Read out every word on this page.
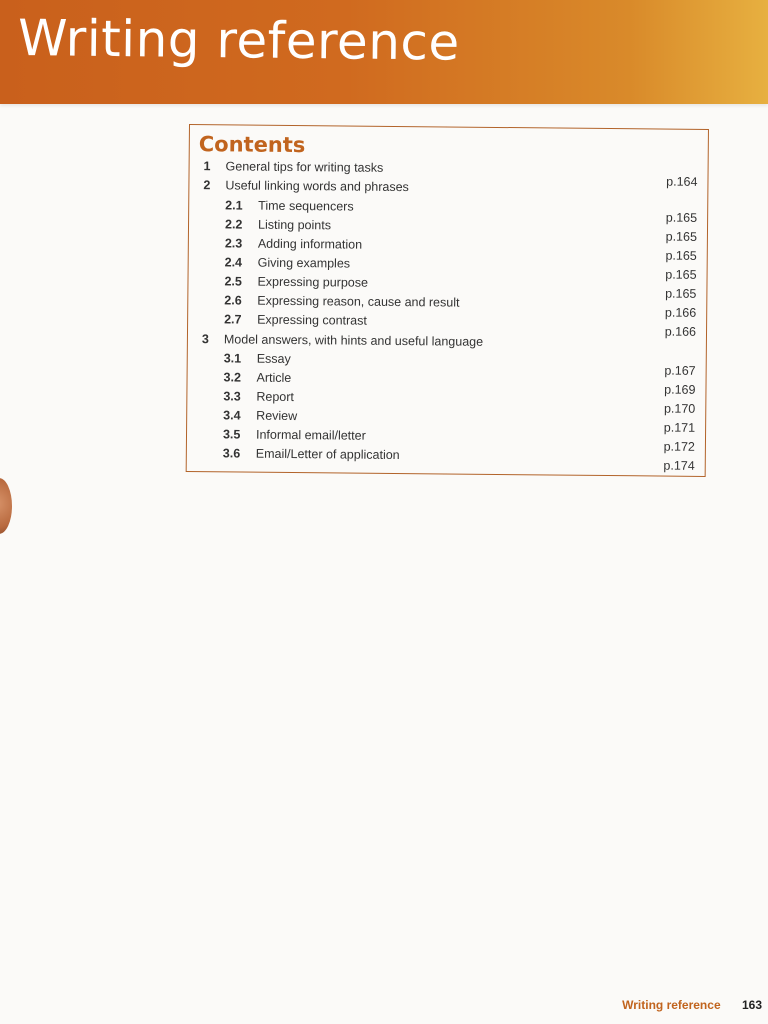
Writing reference
Contents
1 General tips for writing tasks
p.164
2 Useful linking words and phrases
2.1 Time sequencers
p.165
2.2 Listing points
p.165
2.3 Adding information
p.165
2.4 Giving examples
p.165
2.5 Expressing purpose
p.165
2.6 Expressing reason, cause and result
p.166
2.7 Expressing contrast
p.166
3 Model answers, with hints and useful language
3.1 Essay
p.167
3.2 Article
p.169
3.3 Report
p.170
3.4 Review
p.171
3.5 Informal email/letter
p.172
3.6 Email/Letter of application
p.174
Writing reference 163
